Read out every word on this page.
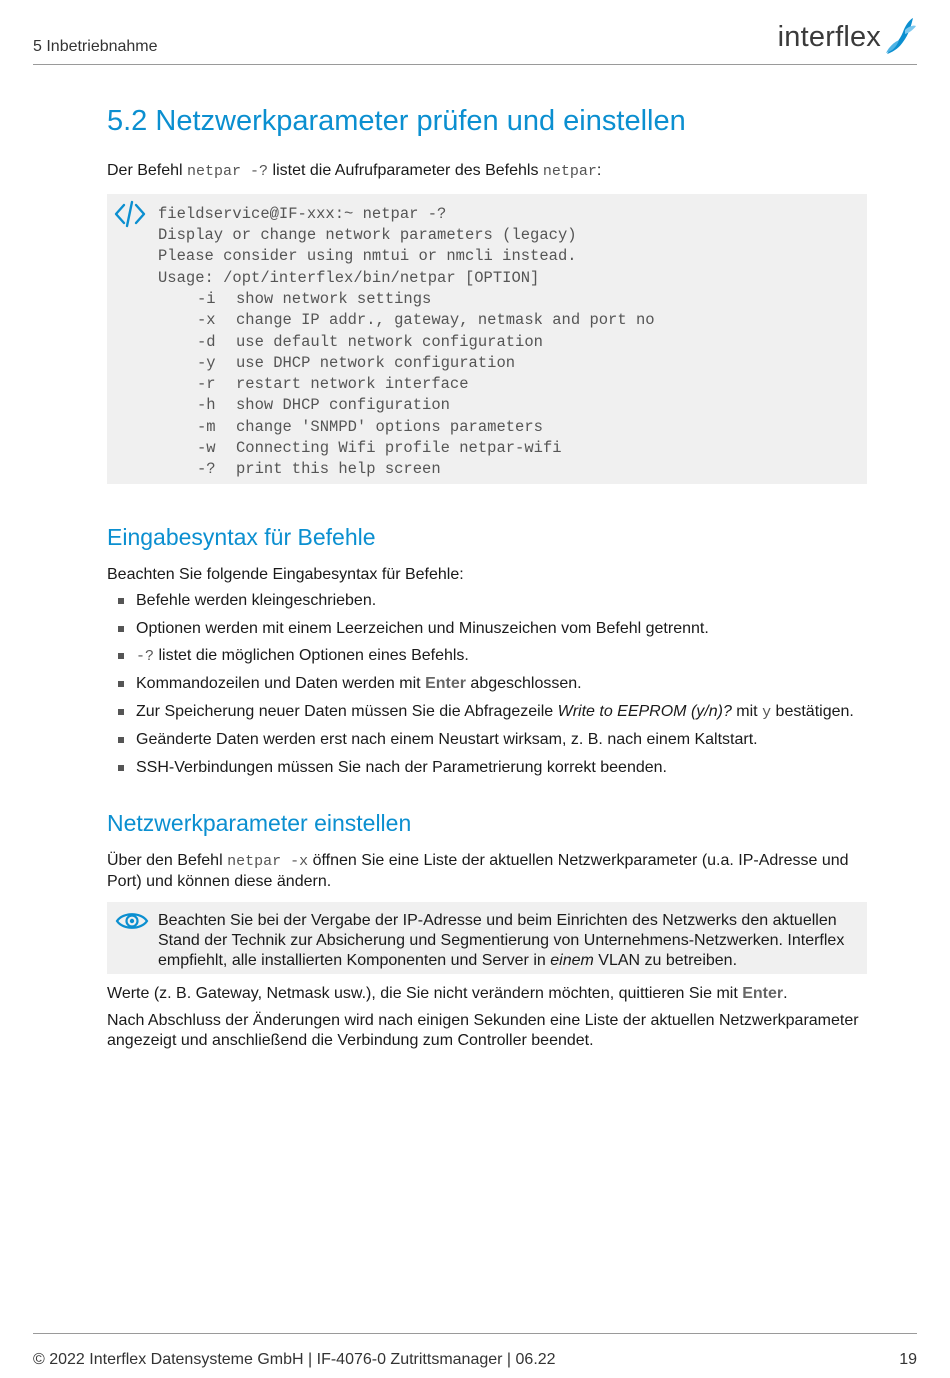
5 Inbetriebnahme	interflex
5.2 Netzwerkparameter prüfen und einstellen

Der Befehl netpar -? listet die Aufrufparameter des Befehls netpar:

fieldservice@IF-xxx:~ netpar -?
Display or change network parameters (legacy)
Please consider using nmtui or nmcli instead.
Usage: /opt/interflex/bin/netpar [OPTION]
-i show network settings
-x change IP addr., gateway, netmask and port no
-d use default network configuration
-y use DHCP network configuration
-r restart network interface
-h show DHCP configuration
-m change 'SNMPD' options parameters
-w Connecting Wifi profile netpar-wifi
-? print this help screen
Eingabesyntax für Befehle

Beachten Sie folgende Eingabesyntax für Befehle:

Befehle werden kleingeschrieben.
Optionen werden mit einem Leerzeichen und Minuszeichen vom Befehl getrennt.
-? listet die möglichen Optionen eines Befehls.
Kommandozeilen und Daten werden mit Enter abgeschlossen.
Zur Speicherung neuer Daten müssen Sie die Abfragezeile Write to EEPROM (y/n)? mit y bestätigen.
Geänderte Daten werden erst nach einem Neustart wirksam, z. B. nach einem Kaltstart.
SSH-Verbindungen müssen Sie nach der Parametrierung korrekt beenden.
Netzwerkparameter einstellen

Über den Befehl netpar -x öffnen Sie eine Liste der aktuellen Netzwerkparameter (u.a. IP-Adresse und Port) und können diese ändern.

Beachten Sie bei der Vergabe der IP-Adresse und beim Einrichten des Netzwerks den aktuellen Stand der Technik zur Absicherung und Segmentierung von Unternehmens-Netzwerken. Interflex empfiehlt, alle installierten Komponenten und Server in einem VLAN zu betreiben.

Werte (z. B. Gateway, Netmask usw.), die Sie nicht verändern möchten, quittieren Sie mit Enter.

Nach Abschluss der Änderungen wird nach einigen Sekunden eine Liste der aktuellen Netzwerkparameter angezeigt und anschließend die Verbindung zum Controller beendet.

© 2022 Interflex Datensysteme GmbH | IF-4076-0 Zutrittsmanager | 06.22	19
